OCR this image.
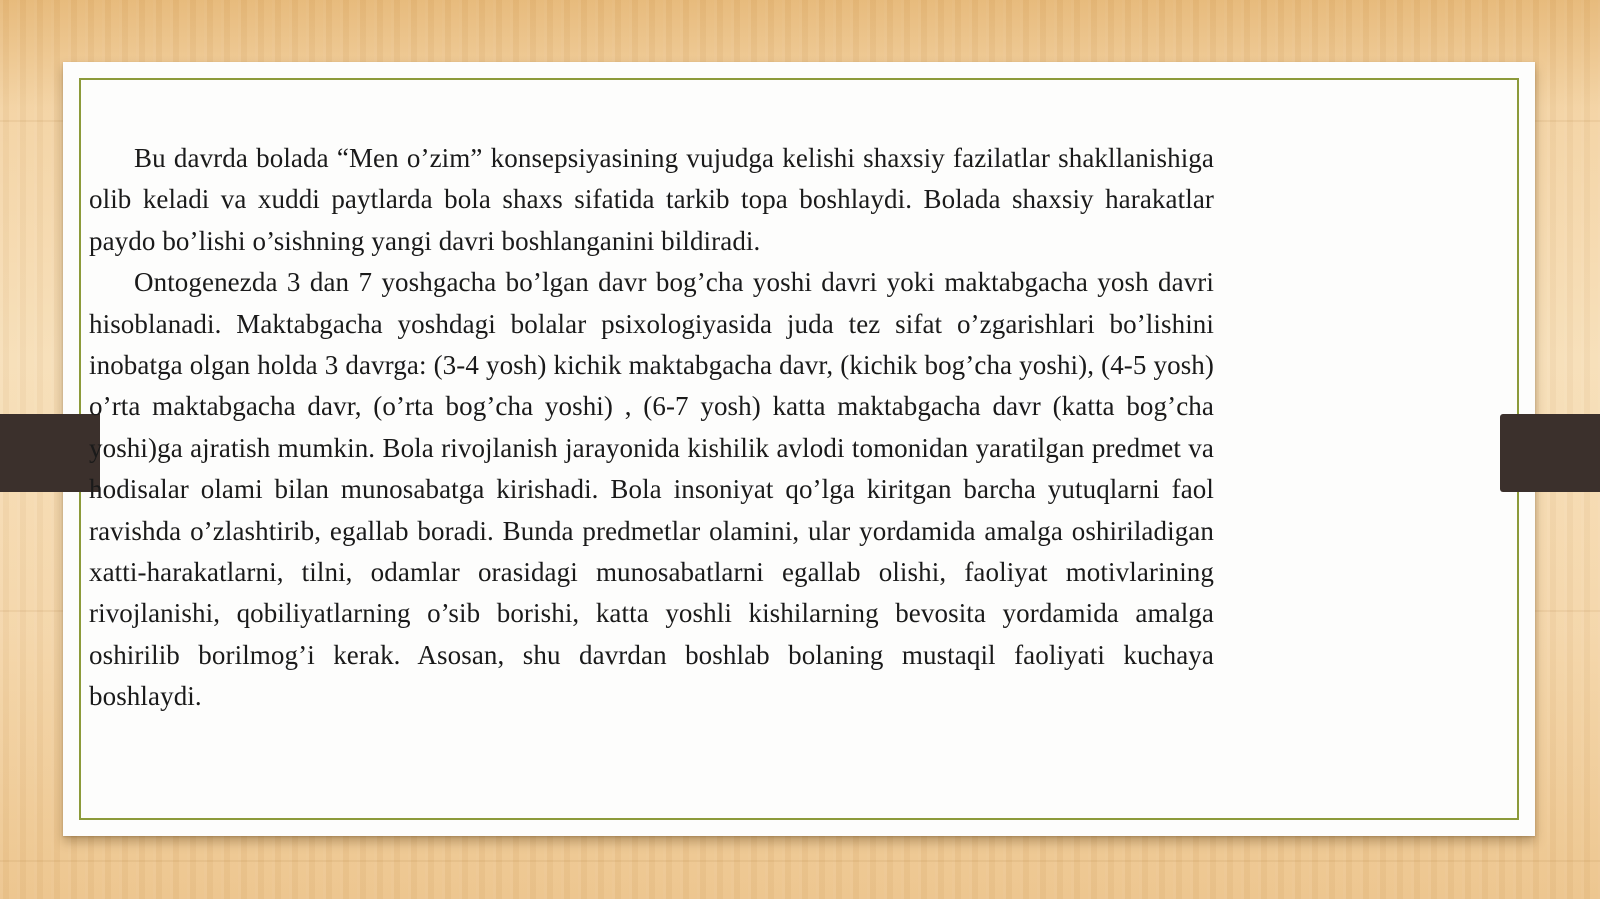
Bu davrda bolada “Men o’zim” konsepsiyasining vujudga kelishi shaxsiy fazilatlar shakllanishiga olib keladi va xuddi paytlarda bola shaxs sifatida tarkib topa boshlaydi. Bolada shaxsiy harakatlar paydo bo’lishi o’sishning yangi davri boshlanganini bildiradi.

Ontogenezda 3 dan 7 yoshgacha bo’lgan davr bog’cha yoshi davri yoki maktabgacha yosh davri hisoblanadi. Maktabgacha yoshdagi bolalar psixologiyasida juda tez sifat o’zgarishlari bo’lishini inobatga olgan holda 3 davrga: (3-4 yosh) kichik maktabgacha davr, (kichik bog’cha yoshi), (4-5 yosh) o’rta maktabgacha davr, (o’rta bog’cha yoshi) , (6-7 yosh) katta maktabgacha davr (katta bog’cha yoshi)ga ajratish mumkin. Bola rivojlanish jarayonida kishilik avlodi tomonidan yaratilgan predmet va hodisalar olami bilan munosabatga kirishadi. Bola insoniyat qo’lga kiritgan barcha yutuqlarni faol ravishda o’zlashtirib, egallab boradi. Bunda predmetlar olamini, ular yordamida amalga oshiriladigan xatti-harakatlarni, tilni, odamlar orasidagi munosabatlarni egallab olishi, faoliyat motivlarining rivojlanishi, qobiliyatlarning o’sib borishi, katta yoshli kishilarning bevosita yordamida amalga oshirilib borilmog’i kerak. Asosan, shu davrdan boshlab bolaning mustaqil faoliyati kuchaya boshlaydi.
